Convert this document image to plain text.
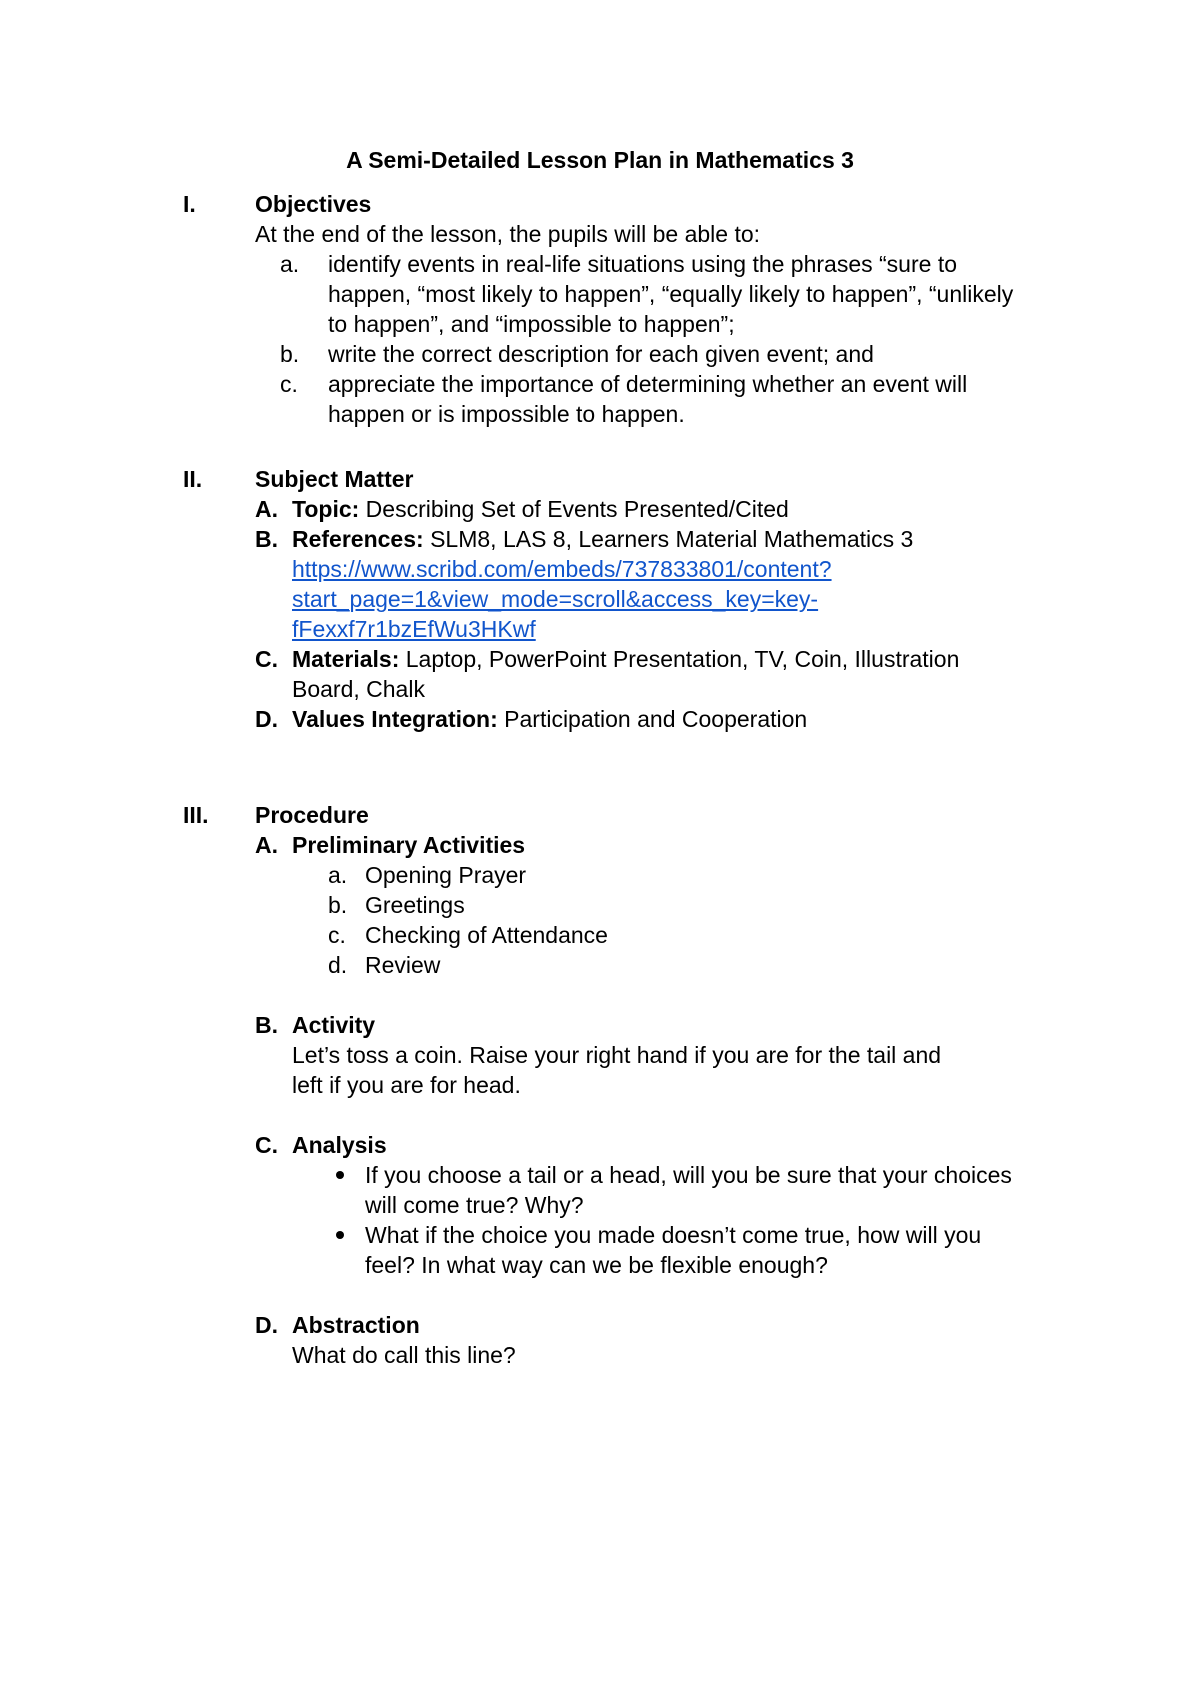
A Semi-Detailed Lesson Plan in Mathematics 3
I.	Objectives
At the end of the lesson, the pupils will be able to:
a. identify events in real-life situations using the phrases “sure to
happen, “most likely to happen”, “equally likely to happen”, “unlikely
to happen”, and “impossible to happen”;
b. write the correct description for each given event; and
c. appreciate the importance of determining whether an event will
happen or is impossible to happen.
II. Subject Matter
A. Topic: Describing Set of Events Presented/Cited
B. References: SLM8, LAS 8, Learners Material Mathematics 3
https://www.scribd.com/embeds/737833801/content?
start_page=1&view_mode=scroll&access_key=key-
fFexxf7r1bzEfWu3HKwf
C. Materials: Laptop, PowerPoint Presentation, TV, Coin, Illustration
Board, Chalk
D. Values Integration: Participation and Cooperation
III. Procedure
A. Preliminary Activities
a. Opening Prayer
b. Greetings
c. Checking of Attendance
d. Review
B. Activity
Let’s toss a coin. Raise your right hand if you are for the tail and
left if you are for head.
C. Analysis
If you choose a tail or a head, will you be sure that your choices
will come true? Why?
What if the choice you made doesn’t come true, how will you
feel? In what way can we be flexible enough?
D. Abstraction
What do call this line?
